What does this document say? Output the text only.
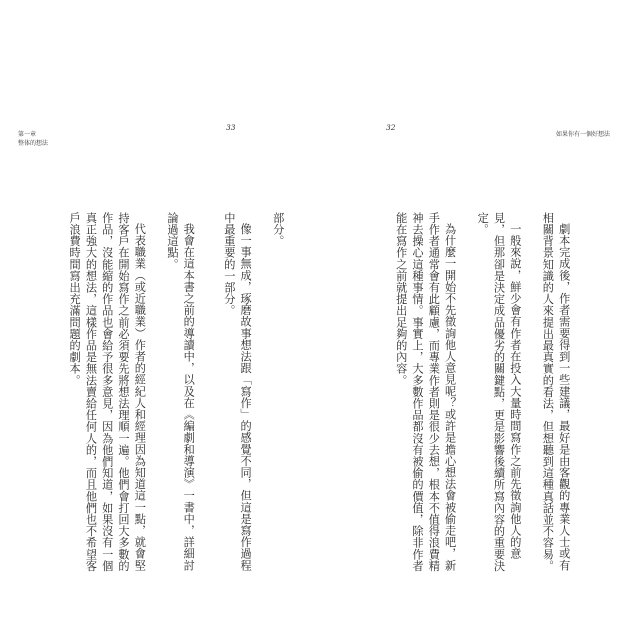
第一章
整体的想法
33

部分。

像一事無成，琢磨故事想法跟「寫作」的感覺不同，但這是寫作過程中最重要的一部分。

我會在這本書之前的導讀中，以及在《編劇和導演》一書中，詳細討論過這點。

代表職業（或近職業）作者的經紀人和經理因為知道這一點，就會堅持客戶在開始寫作之前必須要先將想法理順一遍。他們會打回大多數的作品，沒能縮的作品也會給予很多意見，因為他們知道，如果沒有一個真正強大的想法，這樣作品是無法賣給任何人的，而且他們也不希望客戶浪費時間寫出充滿問題的劇本。

32
如果你有一個好想法

劇本完成後，作者需要得到一些建議，最好是由客觀的專業人士或有相關背景知識的人來提出最真實的看法，但想聽到這種真話並不容易。

一般來說，鮮少會有作者在投入大量時間寫作之前先徵詢他人的意見，但那卻是決定成品優劣的關鍵點，更是影響後續所寫內容的重要決定。

為什麼一開始不先徵詢他人意見呢？或許是擔心想法會被偷走吧，新手作者通常會有此顧慮，而專業作者則是很少去想，根本不值得浪費精神去操心這種事情。事實上，大多數作品都沒有被偷的價值，除非作者能在寫作之前就提出足夠的內容。
